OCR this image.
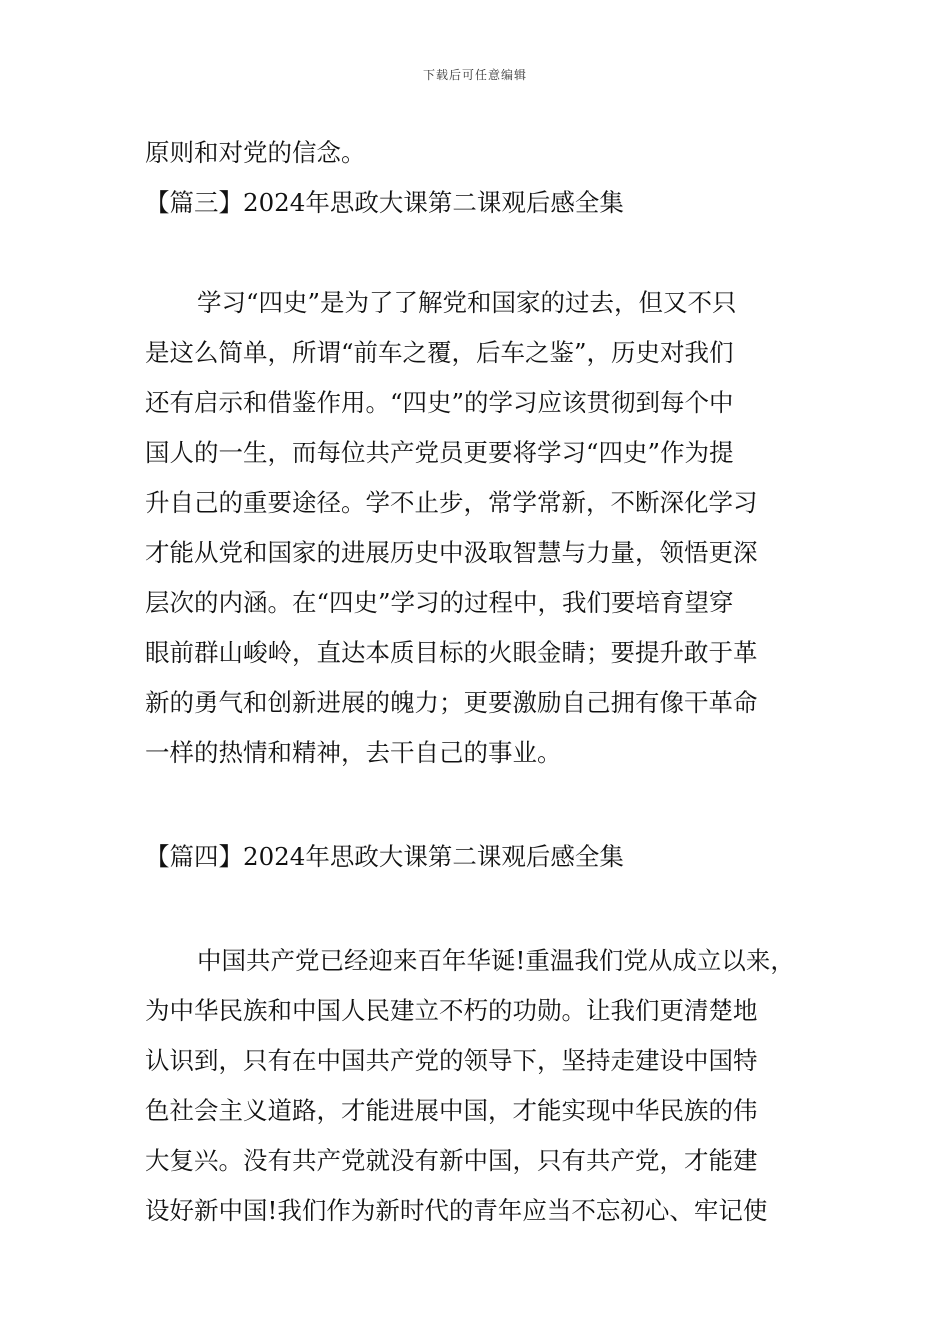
下载后可任意编辑
原则和对党的信念。
【篇三】2024年思政大课第二课观后感全集
学习“四史”是为了了解党和国家的过去，但又不只
是这么简单，所谓“前车之覆，后车之鉴”，历史对我们
还有启示和借鉴作用。“四史”的学习应该贯彻到每个中
国人的一生，而每位共产党员更要将学习“四史”作为提
升自己的重要途径。学不止步，常学常新，不断深化学习
才能从党和国家的进展历史中汲取智慧与力量，领悟更深
层次的内涵。在“四史”学习的过程中，我们要培育望穿
眼前群山峻岭，直达本质目标的火眼金睛；要提升敢于革
新的勇气和创新进展的魄力；更要激励自己拥有像干革命
一样的热情和精神，去干自己的事业。
【篇四】2024年思政大课第二课观后感全集
中国共产党已经迎来百年华诞!重温我们党从成立以来，
为中华民族和中国人民建立不朽的功勋。让我们更清楚地
认识到，只有在中国共产党的领导下，坚持走建设中国特
色社会主义道路，才能进展中国，才能实现中华民族的伟
大复兴。没有共产党就没有新中国，只有共产党，才能建
设好新中国!我们作为新时代的青年应当不忘初心、牢记使
